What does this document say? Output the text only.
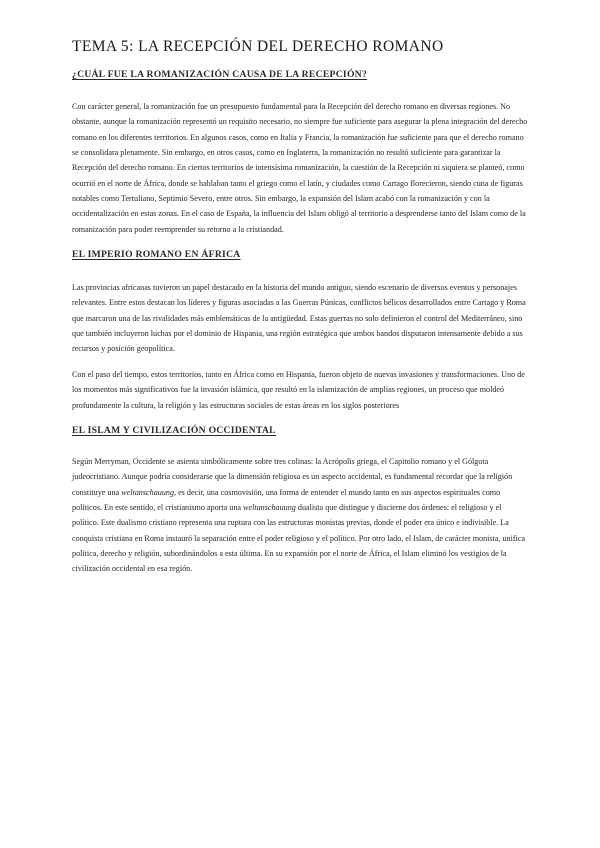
TEMA 5: LA RECEPCIÓN DEL DERECHO ROMANO
¿CUÁL FUE LA ROMANIZACIÓN CAUSA DE LA RECEPCIÓN?

Con carácter general, la romanización fue un presupuesto fundamental para la Recepción del derecho romano en diversas regiones. No obstante, aunque la romanización representó un requisito necesario, no siempre fue suficiente para asegurar la plena integración del derecho romano en los diferentes territorios. En algunos casos, como en Italia y Francia, la romanización fue suficiente para que el derecho romano se consolidara plenamente. Sin embargo, en otros casos, como en Inglaterra, la romanización no resultó suficiente para garantizar la Recepción del derecho romano. En ciertos territorios de intensísima romanización, la cuestión de la Recepción ni siquiera se planteó, como ocurrió en el norte de África, donde se hablaban tanto el griego como el latín, y ciudades como Cartago florecieron, siendo cuna de figuras notables como Tertuliano, Septimio Severo, entre otros. Sin embargo, la expansión del Islam acabó con la romanización y con la occidentalización en estas zonas. En el caso de España, la influencia del Islam obligó al territorio a desprenderse tanto del Islam como de la romanización para poder reemprender su retorno a la cristiandad.

EL IMPERIO ROMANO EN ÁFRICA

Las provincias africanas tuvieron un papel destacado en la historia del mundo antiguo, siendo escenario de diversos eventos y personajes relevantes. Entre estos destacan los líderes y figuras asociadas a las Guerras Púnicas, conflictos bélicos desarrollados entre Cartago y Roma que marcaron una de las rivalidades más emblemáticas de la antigüedad. Estas guerras no solo definieron el control del Mediterráneo, sino que también incluyeron luchas por el dominio de Hispania, una región estratégica que ambos bandos disputaron intensamente debido a sus recursos y posición geopolítica.

Con el paso del tiempo, estos territorios, tanto en África como en Hispania, fueron objeto de nuevas invasiones y transformaciones. Uno de los momentos más significativos fue la invasión islámica, que resultó en la islamización de amplias regiones, un proceso que moldeó profundamente la cultura, la religión y las estructuras sociales de estas áreas en los siglos posteriores

EL ISLAM Y CIVILIZACIÓN OCCIDENTAL

Según Merryman, Occidente se asienta simbólicamente sobre tres colinas: la Acrópolis griega, el Capitolio romano y el Gólgota judeocristiano. Aunque podría considerarse que la dimensión religiosa es un aspecto accidental, es fundamental recordar que la religión constituye una weltanschauung, es decir, una cosmovisión, una forma de entender el mundo tanto en sus aspectos espirituales como políticos. En este sentido, el cristianismo aporta una weltanschauung dualista que distingue y discierne dos órdenes: el religioso y el político. Este dualismo cristiano representa una ruptura con las estructuras monistas previas, donde el poder era único e indivisible. La conquista cristiana en Roma instauró la separación entre el poder religioso y el político. Por otro lado, el Islam, de carácter monista, unifica política, derecho y religión, subordinándolos a esta última. En su expansión por el norte de África, el Islam eliminó los vestigios de la civilización occidental en esa región.
